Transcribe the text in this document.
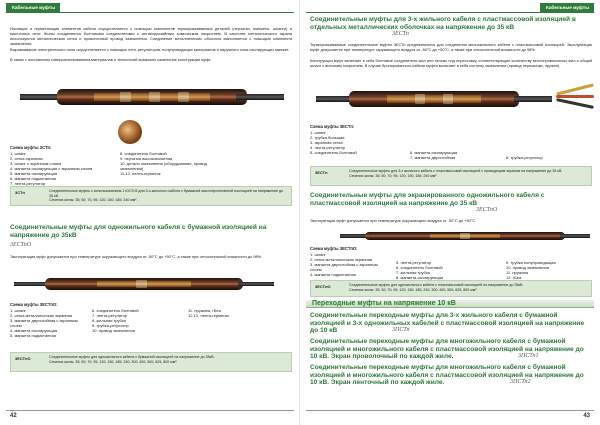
Кабельные муфты
Изоляция и герметизация элементов кабеля осуществляется с помощью комплектов термоусаживаемых деталей (перчатки, манжеты, шланги) и мастичных лент. Жилы соединяются болтовыми соединителями с антикоррозийным химическим покрытием. В качестве металлического экрана используются металлическая сетка и проволочный провод заземления. Соединение металлических оболочек выполняется с помощью комплекта заземления.
Выравнивание электрического поля осуществляется с помощью лент-регуляторов, полупроводящих материалов и наружного слоя изолирующих манжет.
В связи с постоянным совершенствованием материалов и технологий возможно изменение конструкции муфт.
Схема муфты 3СТп:
1. шланг
2. сетка экранная
3. шланг с экранным слоем
4. манжета изолирующая с экранным слоем
5. манжета изолирующая
6. манжета подмотанная
7. лента-регулятор
8. соединитель болтовой
9. перчатка высоковольтная
10. детали заземления (оборудование, провод заземления)
11,12. лента-герметик
3СТп	Соединительные муфты с использованием 1 ЮСТп3 для 3-х-жильного кабеля с бумажной маслопропитанной изоляцией на напряжение до 35 кВ.
Сечения жилы: 35; 50; 70; 95; 120; 150; 185; 240 мм².
Соединительные муфты для одножильного кабеля с бумажной изоляцией на напряжение до 35кВ
3ЕСТпО
Эксплуатация муфт допускается при температуре окружающего воздуха от -50°С до +50°С, а также при относительной влажности до 98%.
Схема муфты 3ЕСТпО:
1. шланг
2. сетка металлическая экранная
3. манжета двухслойная с экранным слоем
4. манжета изолирующая
5. манжета подмотанная
6. соединитель болтовой
7. лента-регулятор
8. жильная трубка
9. трубка-регулятор
10. провод заземления
11. пружина, гБеа
12,13. лента-герметик
3ЕСТпО	Соединительные муфты для одножильного кабеля с бумажной изоляцией на напряжение до 35кВ.
Сечения жилы: 35; 50; 70; 95; 120; 150; 185; 240; 300; 400; 500; 625; 800 мм².
42
Кабельные муфты
Соединительные муфты для 3-х жильного кабеля с пластмассовой изоляцией в отдельных металлических оболочках на напряжение до 35 кВ
3ЕСТп
Термоусаживаемые соединительные муфты 3ЕСТп предназначены для соединения многожильного кабеля с пластмассовой изоляцией. Эксплуатация муфт допускается при температуре окружающего воздуха от -50°С до +50°С, а также при относительной влажности до 98%.
Конструкция муфт включает в себя болтовые соединители жил или гильзы под опрессовку, соответствующие количеству многопроволочных жил и общий шланг с внешним покрытием. В случае бронированного кабеля муфта включает в себя систему заземления (провод перемычки, пружин).
Схема муфты 3ЕСТп:
1. шланг
2. трубка большая
3. экранная сетка
4. лента-регулятор
5. соединитель болтовой	6. манжета изолирующая
7. манжета двухслойная	8. трубка-регулятор
3ЕСТп	Соединительные муфты для 3-х жильного кабеля с пластмассовой изоляцией с проводящим экраном на напряжение до 35 кВ.
Сечения жилы: 35; 50; 70; 95; 120; 150; 185; 240 мм².
Соединительные муфты для экранированного одножильного кабеля с пластмассовой изоляцией на напряжение до 35 кВ
3ЕСТпО
Эксплуатация муфт допускается при температуре окружающего воздуха от -50°С до +50°С.
Схема муфты 3ЕСТпО:
1. шланг
2. сетка металлическая экранная
3. манжета двухслойная с экранным слоем
4. манжета подмотанная
5. лента-регулятор
6. соединитель болтовой
7. жильная трубка
8. манжета изолирующая
9. трубка полупроводящая
10. провод заземления
11. пружина
12. гБеа
3ЕСТпО	Соединительные муфты для одножильного кабеля с пластмассовой изоляцией на напряжение до 35кВ.
Сечения жилы: 35; 50; 70; 95; 120; 150; 185; 240; 300; 400; 500; 625; 800 мм².
Переходные муфты на напряжение 10 кВ
Соединительные переходные муфты для 3-х жильного кабеля с бумажной изоляцией и 3-х одножильных кабелей с пластмассовой изоляцией на напряжение до 10 кВ	3ПСТп
Соединительные переходные муфты для многожильного кабеля с бумажной изоляцией и многожильного кабеля с пластмассовой изоляцией на напряжение до 10 кВ. Экран проволочный по каждой жиле.	3ПСТп1
Соединительные переходные муфты для многожильного кабеля с бумажной изоляцией и многожильного кабеля с пластмассовой изоляцией на напряжение до 10 кВ. Экран ленточный по каждой жиле.	3ПСТп2
43
